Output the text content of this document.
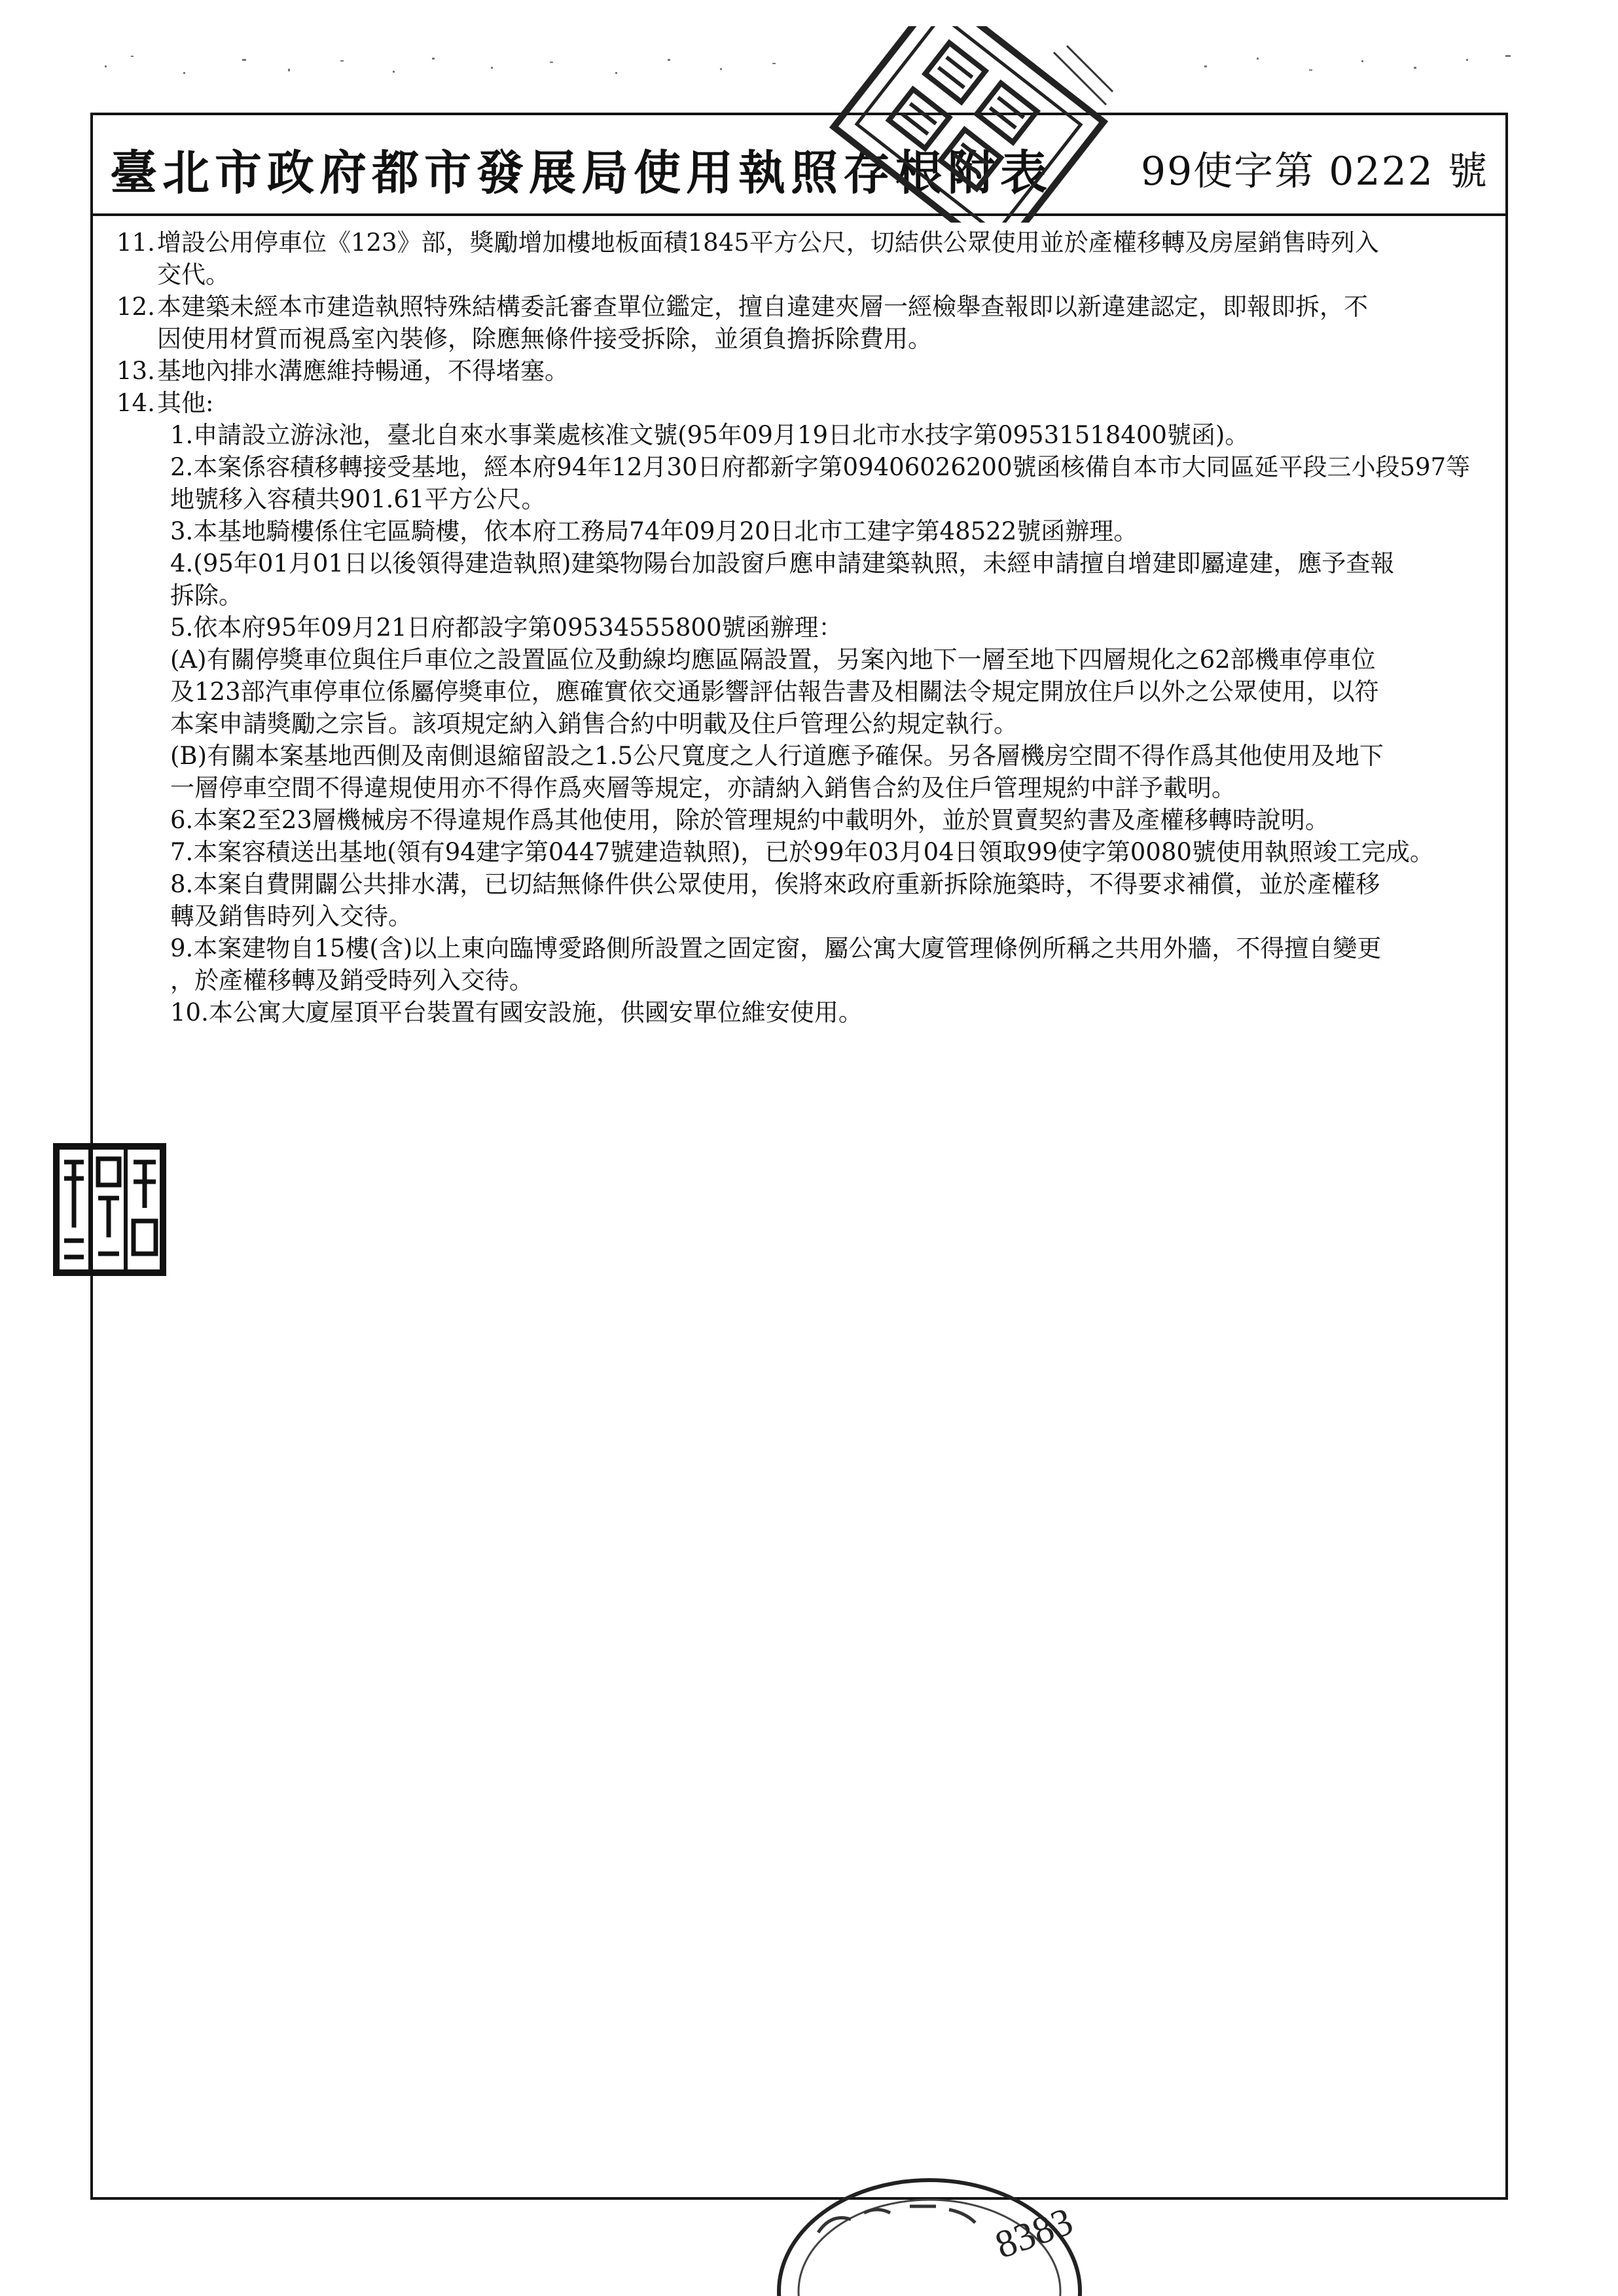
臺北市政府都市發展局使用執照存根附表 99使字第 0222 號
11. 增設公用停車位《123》部，獎勵增加樓地板面積1845平方公尺，切結供公眾使用並於產權移轉及房屋銷售時列入
交代。
12. 本建築未經本市建造執照特殊結構委託審查單位鑑定，擅自違建夾層一經檢舉查報即以新違建認定，即報即拆，不
因使用材質而視爲室內裝修，除應無條件接受拆除，並須負擔拆除費用。
13. 基地內排水溝應維持暢通，不得堵塞。
14. 其他:
1.申請設立游泳池，臺北自來水事業處核准文號(95年09月19日北市水技字第09531518400號函)。
2.本案係容積移轉接受基地，經本府94年12月30日府都新字第09406026200號函核備自本市大同區延平段三小段597等
地號移入容積共901.61平方公尺。
3.本基地騎樓係住宅區騎樓，依本府工務局74年09月20日北市工建字第48522號函辦理。
4.(95年01月01日以後領得建造執照)建築物陽台加設窗戶應申請建築執照，未經申請擅自增建即屬違建，應予查報
拆除。
5.依本府95年09月21日府都設字第09534555800號函辦理：
(A)有關停獎車位與住戶車位之設置區位及動線均應區隔設置，另案內地下一層至地下四層規化之62部機車停車位
及123部汽車停車位係屬停獎車位，應確實依交通影響評估報告書及相關法令規定開放住戶以外之公眾使用，以符
本案申請獎勵之宗旨。該項規定納入銷售合約中明載及住戶管理公約規定執行。
(B)有關本案基地西側及南側退縮留設之1.5公尺寬度之人行道應予確保。另各層機房空間不得作爲其他使用及地下
一層停車空間不得違規使用亦不得作爲夾層等規定，亦請納入銷售合約及住戶管理規約中詳予載明。
6.本案2至23層機械房不得違規作爲其他使用，除於管理規約中載明外，並於買賣契約書及產權移轉時說明。
7.本案容積送出基地(領有94建字第0447號建造執照)，已於99年03月04日領取99使字第0080號使用執照竣工完成。
8.本案自費開闢公共排水溝，已切結無條件供公眾使用，俟將來政府重新拆除施築時，不得要求補償，並於產權移
轉及銷售時列入交待。
9.本案建物自15樓(含)以上東向臨博愛路側所設置之固定窗，屬公寓大廈管理條例所稱之共用外牆，不得擅自變更
，於產權移轉及銷受時列入交待。
10.本公寓大廈屋頂平台裝置有國安設施，供國安單位維安使用。
8383
